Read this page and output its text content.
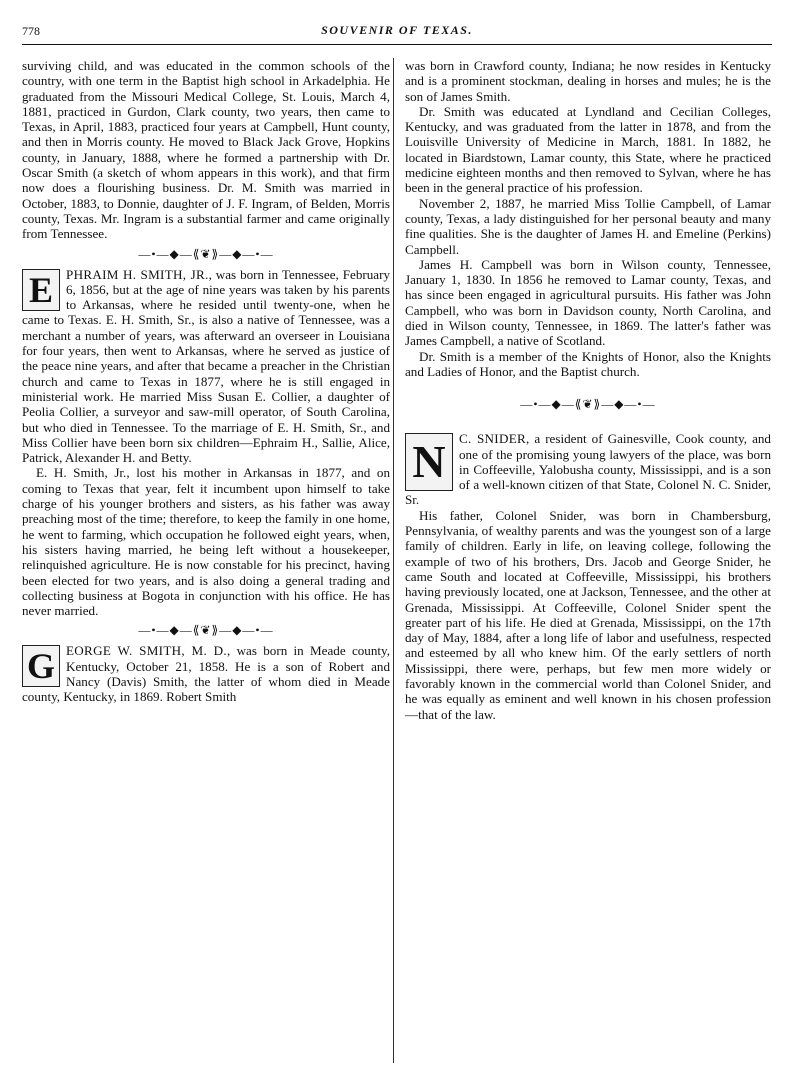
778	SOUVENIR OF TEXAS.

surviving child, and was educated in the common schools of the country, with one term in the Baptist high school in Arkadelphia. He graduated from the Missouri Medical College, St. Louis, March 4, 1881, practiced in Gurdon, Clark county, two years, then came to Texas, in April, 1883, practiced four years at Campbell, Hunt county, and then in Morris county. He moved to Black Jack Grove, Hopkins county, in January, 1888, where he formed a partnership with Dr. Oscar Smith (a sketch of whom appears in this work), and that firm now does a flourishing business. Dr. M. Smith was married in October, 1883, to Donnie, daughter of J. F. Ingram, of Belden, Morris county, Texas. Mr. Ingram is a substantial farmer and came originally from Tennessee.

—•—◆—⟪❦⟫—◆—•—
E PHRAIM H. SMITH, JR., was born in Tennessee, February 6, 1856, but at the age of nine years was taken by his parents to Arkansas, where he resided until twenty-one, when he came to Texas. E. H. Smith, Sr., is also a native of Tennessee, was a merchant a number of years, was afterward an overseer in Louisiana for four years, then went to Arkansas, where he served as justice of the peace nine years, and after that became a preacher in the Christian church and came to Texas in 1877, where he is still engaged in ministerial work. He married Miss Susan E. Collier, a daughter of Peolia Collier, a surveyor and saw-mill operator, of South Carolina, but who died in Tennessee. To the marriage of E. H. Smith, Sr., and Miss Collier have been born six children—Ephraim H., Sallie, Alice, Patrick, Alexander H. and Betty.

E. H. Smith, Jr., lost his mother in Arkansas in 1877, and on coming to Texas that year, felt it incumbent upon himself to take charge of his younger brothers and sisters, as his father was away preaching most of the time; therefore, to keep the family in one home, he went to farming, which occupation he followed eight years, when, his sisters having married, he being left without a housekeeper, relinquished agriculture. He is now constable for his precinct, having been elected for two years, and is also doing a general trading and collecting business at Bogota in conjunction with his office. He has never married.

—•—◆—⟪❦⟫—◆—•—
G EORGE W. SMITH, M. D., was born in Meade county, Kentucky, October 21, 1858. He is a son of Robert and Nancy (Davis) Smith, the latter of whom died in Meade county, Kentucky, in 1869. Robert Smith

was born in Crawford county, Indiana; he now resides in Kentucky and is a prominent stockman, dealing in horses and mules; he is the son of James Smith.

Dr. Smith was educated at Lyndland and Cecilian Colleges, Kentucky, and was graduated from the latter in 1878, and from the Louisville University of Medicine in March, 1881. In 1882, he located in Biardstown, Lamar county, this State, where he practiced medicine eighteen months and then removed to Sylvan, where he has been in the general practice of his profession.

November 2, 1887, he married Miss Tollie Campbell, of Lamar county, Texas, a lady distinguished for her personal beauty and many fine qualities. She is the daughter of James H. and Emeline (Perkins) Campbell.

James H. Campbell was born in Wilson county, Tennessee, January 1, 1830. In 1856 he removed to Lamar county, Texas, and has since been engaged in agricultural pursuits. His father was John Campbell, who was born in Davidson county, North Carolina, and died in Wilson county, Tennessee, in 1869. The latter's father was James Campbell, a native of Scotland.

Dr. Smith is a member of the Knights of Honor, also the Knights and Ladies of Honor, and the Baptist church.

—•—◆—⟪❦⟫—◆—•—
N	C. SNIDER, a resident of Gainesville, Cook county, and one of the promising young lawyers of the place, was born in Coffeeville, Yalobusha county, Mississippi, and is a son of a well-known citizen of that State, Colonel N. C. Snider, Sr.

His father, Colonel Snider, was born in Chambersburg, Pennsylvania, of wealthy parents and was the youngest son of a large family of children. Early in life, on leaving college, following the example of two of his brothers, Drs. Jacob and George Snider, he came South and located at Coffeeville, Mississippi, his brothers having previously located, one at Jackson, Tennessee, and the other at Grenada, Mississippi. At Coffeeville, Colonel Snider spent the greater part of his life. He died at Grenada, Mississippi, on the 17th day of May, 1884, after a long life of labor and usefulness, respected and esteemed by all who knew him. Of the early settlers of north Mississippi, there were, perhaps, but few men more widely or favorably known in the commercial world than Colonel Snider, and he was equally as eminent and well known in his chosen profession—that of the law.
